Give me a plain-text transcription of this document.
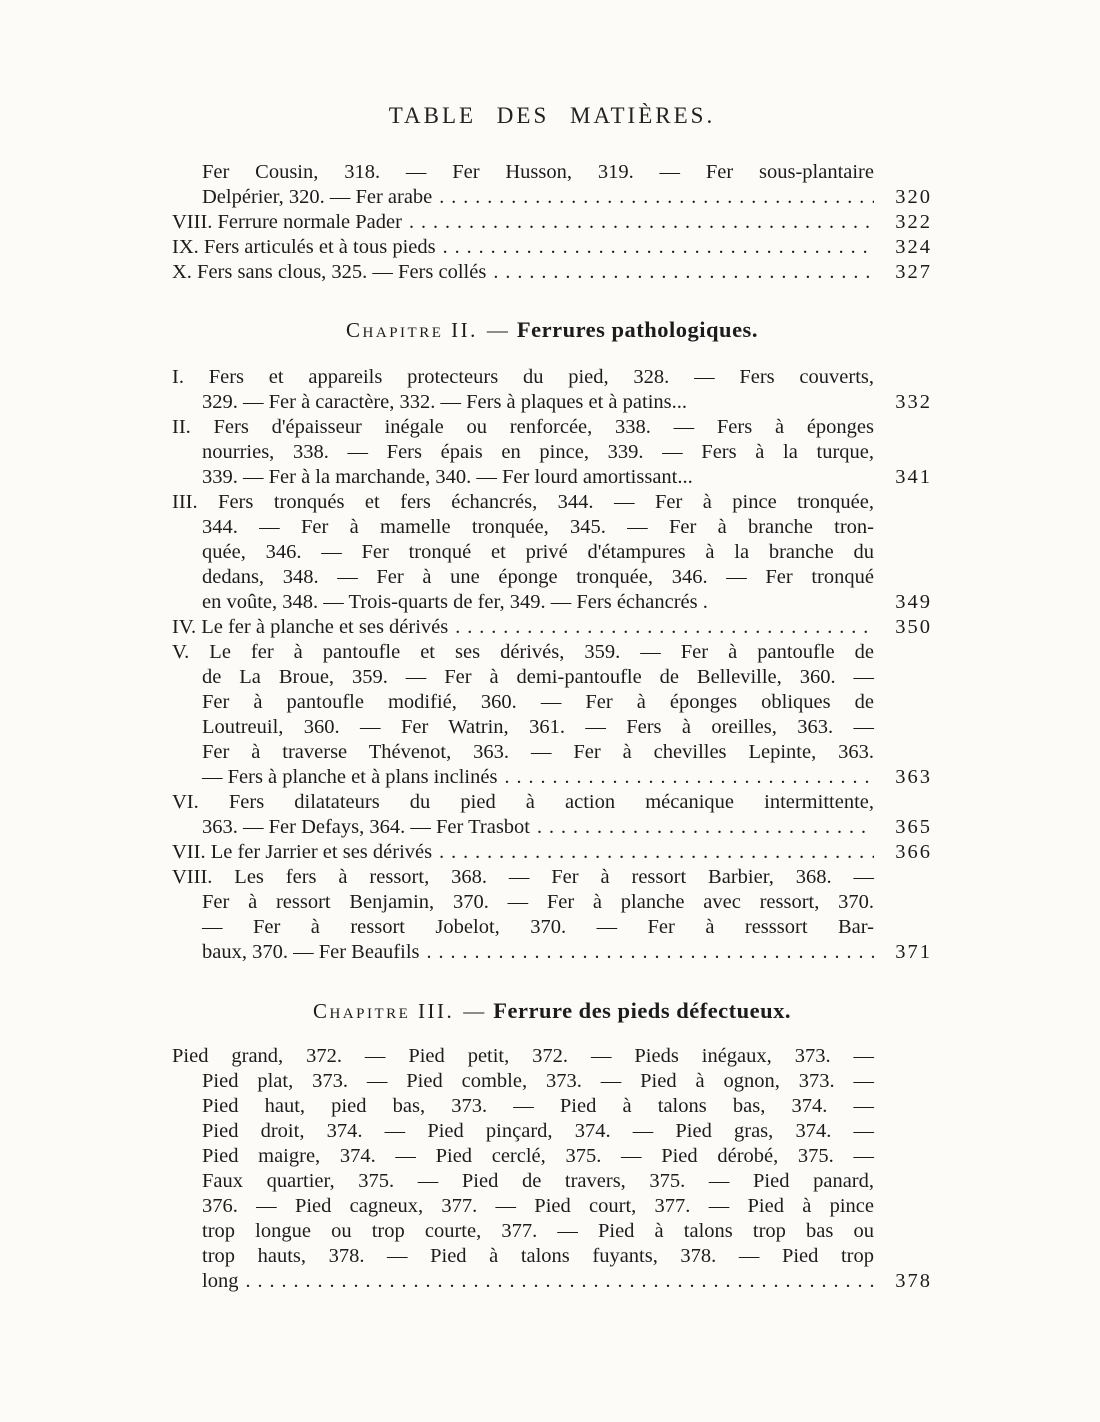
TABLE DES MATIÈRES.
Fer Cousin, 318. — Fer Husson, 319. — Fer sous-plantaire
Delpérier, 320. — Fer arabe .....	320
VIII. Ferrure normale Pader .....	322
IX. Fers articulés et à tous pieds .....	324
X. Fers sans clous, 325. — Fers collés .....	327
Chapitre II. — Ferrures pathologiques.
I. Fers et appareils protecteurs du pied, 328. — Fers couverts,
329. — Fer à caractère, 332. — Fers à plaques et à patins...	332
II. Fers d'épaisseur inégale ou renforcée, 338. — Fers à éponges
nourries, 338. — Fers épais en pince, 339. — Fers à la turque,
339. — Fer à la marchande, 340. — Fer lourd amortissant...	341
III. Fers tronqués et fers échancrés, 344. — Fer à pince tronquée,
344. — Fer à mamelle tronquée, 345. — Fer à branche tron-
quée, 346. — Fer tronqué et privé d'étampures à la branche du
dedans, 348. — Fer à une éponge tronquée, 346. — Fer tronqué
en voûte, 348. — Trois-quarts de fer, 349. — Fers échancrés .	349
IV. Le fer à planche et ses dérivés .....	350
V. Le fer à pantoufle et ses dérivés, 359. — Fer à pantoufle de
de La Broue, 359. — Fer à demi-pantoufle de Belleville, 360. —
Fer à pantoufle modifié, 360. — Fer à éponges obliques de
Loutreuil, 360. — Fer Watrin, 361. — Fers à oreilles, 363. —
Fer à traverse Thévenot, 363. — Fer à chevilles Lepinte, 363.
— Fers à planche et à plans inclinés .....	363
VI. Fers dilatateurs du pied à action mécanique intermittente,
363. — Fer Defays, 364. — Fer Trasbot .....	365
VII. Le fer Jarrier et ses dérivés .....	366
VIII. Les fers à ressort, 368. — Fer à ressort Barbier, 368. —
Fer à ressort Benjamin, 370. — Fer à planche avec ressort, 370.
— Fer à ressort Jobelot, 370. — Fer à resssort Bar-
baux, 370. — Fer Beaufils .....	371
Chapitre III. — Ferrure des pieds défectueux.
Pied grand, 372. — Pied petit, 372. — Pieds inégaux, 373. —
Pied plat, 373. — Pied comble, 373. — Pied à ognon, 373. —
Pied haut, pied bas, 373. — Pied à talons bas, 374. —
Pied droit, 374. — Pied pinçard, 374. — Pied gras, 374. —
Pied maigre, 374. — Pied cerclé, 375. — Pied dérobé, 375. —
Faux quartier, 375. — Pied de travers, 375. — Pied panard,
376. — Pied cagneux, 377. — Pied court, 377. — Pied à pince
trop longue ou trop courte, 377. — Pied à talons trop bas ou
trop hauts, 378. — Pied à talons fuyants, 378. — Pied trop
long .....	378
